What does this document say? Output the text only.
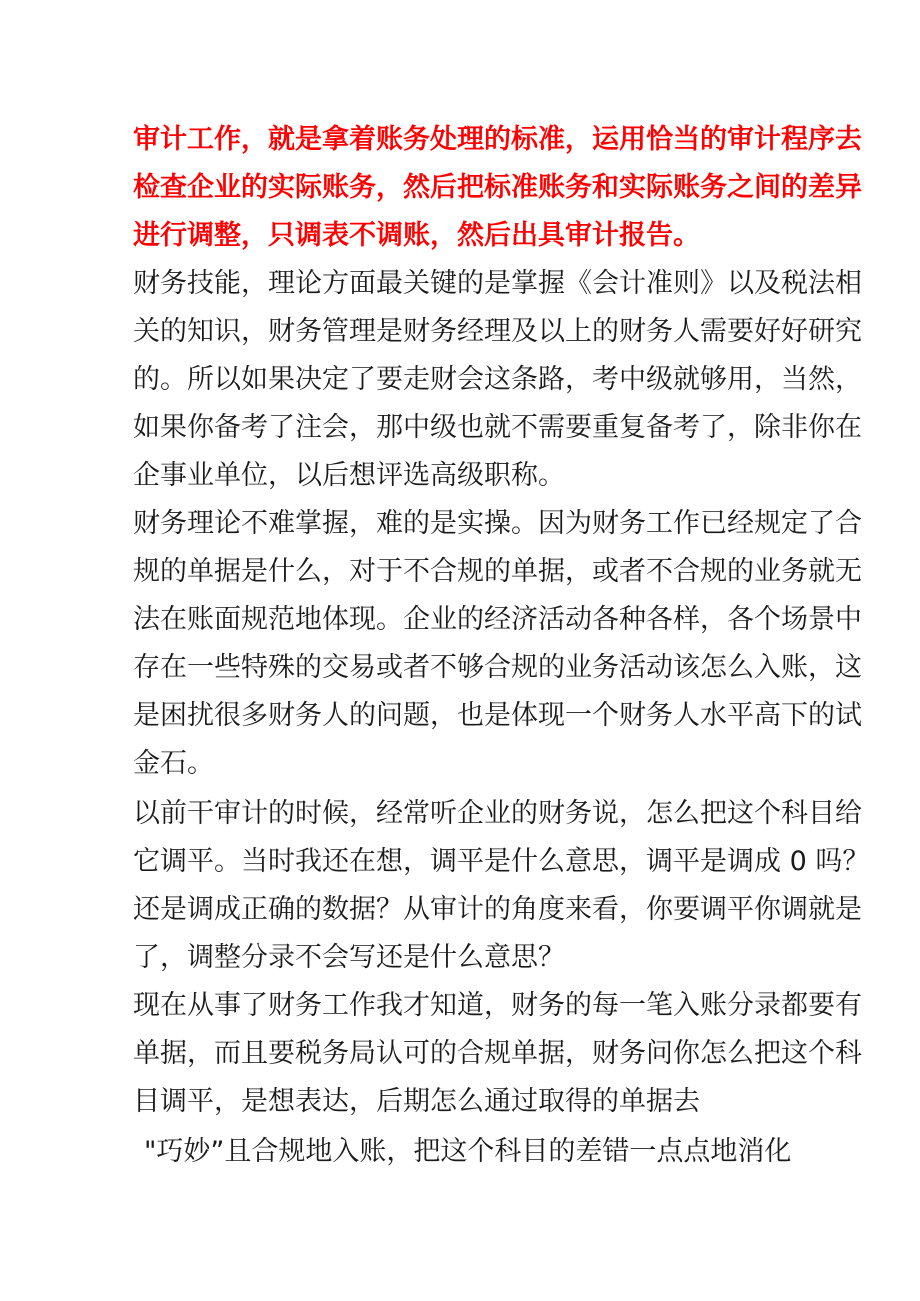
审计工作，就是拿着账务处理的标准，运用恰当的审计程序去
检查企业的实际账务，然后把标准账务和实际账务之间的差异
进行调整，只调表不调账，然后出具审计报告。
财务技能，理论方面最关键的是掌握《会计准则》以及税法相
关的知识，财务管理是财务经理及以上的财务人需要好好研究
的。所以如果决定了要走财会这条路，考中级就够用，当然，
如果你备考了注会，那中级也就不需要重复备考了，除非你在
企事业单位，以后想评选高级职称。
财务理论不难掌握，难的是实操。因为财务工作已经规定了合
规的单据是什么，对于不合规的单据，或者不合规的业务就无
法在账面规范地体现。企业的经济活动各种各样，各个场景中
存在一些特殊的交易或者不够合规的业务活动该怎么入账，这
是困扰很多财务人的问题，也是体现一个财务人水平高下的试
金石。
以前干审计的时候，经常听企业的财务说，怎么把这个科目给
它调平。当时我还在想，调平是什么意思，调平是调成 0 吗？
还是调成正确的数据？从审计的角度来看，你要调平你调就是
了，调整分录不会写还是什么意思？
现在从事了财务工作我才知道，财务的每一笔入账分录都要有
单据，而且要税务局认可的合规单据，财务问你怎么把这个科
目调平，是想表达，后期怎么通过取得的单据去
"巧妙”且合规地入账，把这个科目的差错一点点地消化
